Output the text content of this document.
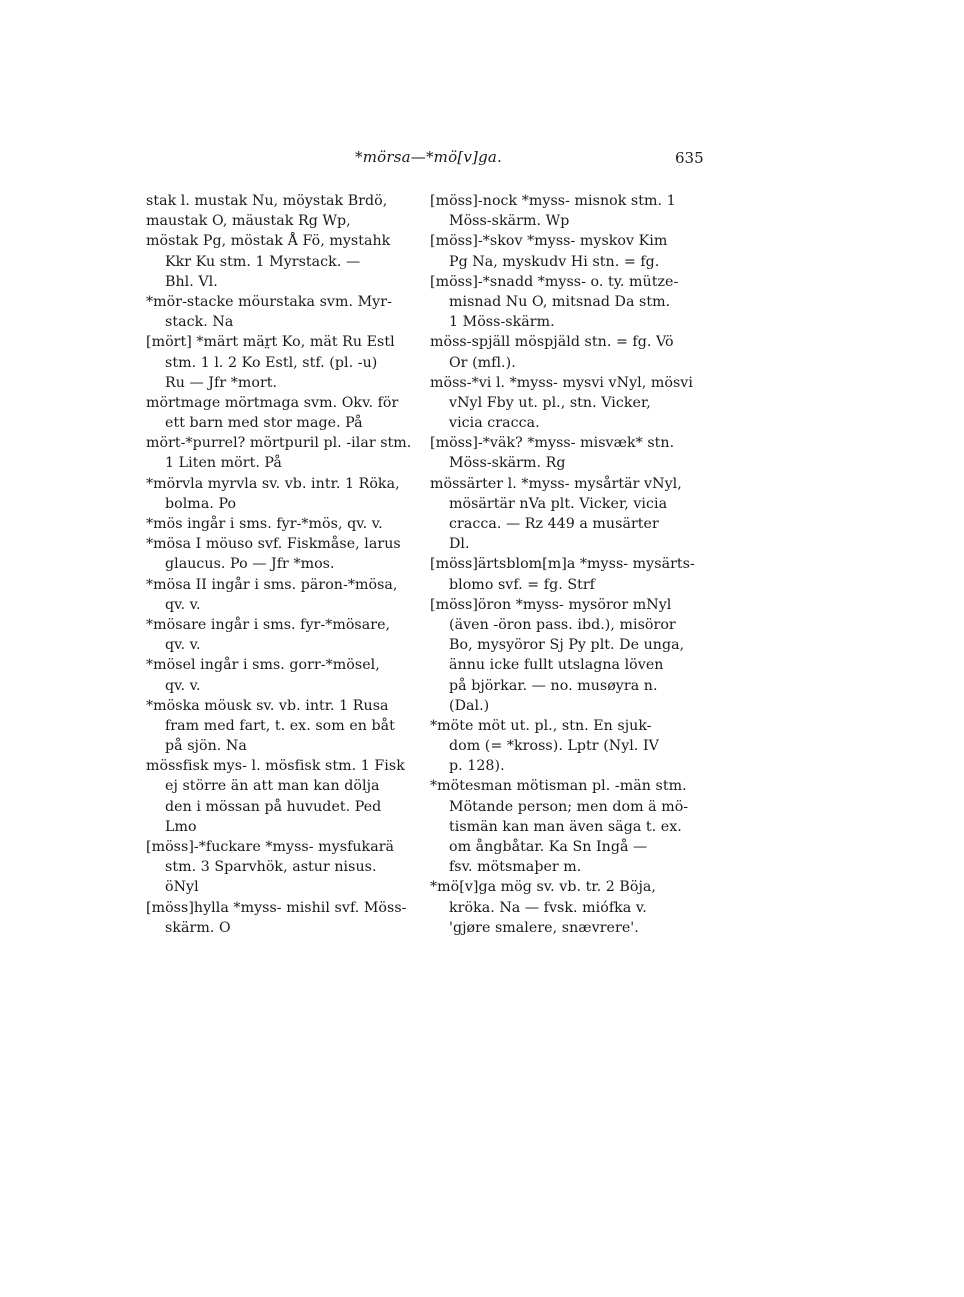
*mörsa—*mö[v]ga.	635
stak l. mustak Nu, möystak Brdö,
maustak O, mäustak Rg Wp,
möstak Pg, möstak Å Fö, mystahk
Kkr Ku stm. 1 Myrstack. —
Bhl. Vl.
*mör-stacke möurstaka svm. Myr-
stack. Na
[mört] *märt mär̤t Ko, mät Ru Estl
stm. 1 l. 2 Ko Estl, stf. (pl. -u)
Ru — Jfr *mort.
mörtmage mörtmaga svm. Okv. för
ett barn med stor mage. På
mört-*purrel? mörtpuril pl. -ilar stm.
1 Liten mört. På
*mörvla myrvla sv. vb. intr. 1 Röka,
bolma. Po
*mös ingår i sms. fyr-*mös, qv. v.
*mösa I möuso svf. Fiskmåse, larus
glaucus. Po — Jfr *mos.
*mösa II ingår i sms. päron-*mösa,
qv. v.
*mösare ingår i sms. fyr-*mösare,
qv. v.
*mösel ingår i sms. gorr-*mösel,
qv. v.
*möska möusk sv. vb. intr. 1 Rusa
fram med fart, t. ex. som en båt
på sjön. Na
mössfisk mys- l. mösfisk stm. 1 Fisk
ej större än att man kan dölja
den i mössan på huvudet. Ped
Lmo
[möss]-*fuckare *myss- mysfukarä
stm. 3 Sparvhök, astur nisus.
öNyl
[möss]hylla *myss- mishil svf. Möss-
skärm. O
[möss]-nock *myss- misnok stm. 1
Möss-skärm. Wp
[möss]-*skov *myss- myskov Kim
Pg Na, myskudv Hi stn. = fg.
[möss]-*snadd *myss- o. ty. mütze-
misnad Nu O, mitsnad Da stm.
1 Möss-skärm.
möss-spjäll möspjäld stn. = fg. Vö
Or (mfl.).
möss-*vi l. *myss- mysvi vNyl, mösvi
vNyl Fby ut. pl., stn. Vicker,
vicia cracca.
[möss]-*väk? *myss- misvæk* stn.
Möss-skärm. Rg
mössärter l. *myss- mysårtär vNyl,
mösärtär nVa plt. Vicker, vicia
cracca. — Rz 449 a musärter
Dl.
[möss]ärtsblom[m]a *myss- mysärts-
blomo svf. = fg. Strf
[möss]öron *myss- mysöror mNyl
(även -öron pass. ibd.), misöror
Bo, mysyöror Sj Py plt. De unga,
ännu icke fullt utslagna löven
på björkar. — no. musøyra n.
(Dal.)
*möte möt ut. pl., stn. En sjuk-
dom (= *kross). Lptr (Nyl. IV
p. 128).
*mötesman mötisman pl. -män stm.
Mötande person; men dom ä mö-
tismän kan man även säga t. ex.
om ångbåtar. Ka Sn Ingå —
fsv. mötsmaþer m.
*mö[v]ga möɡ sv. vb. tr. 2 Böja,
kröka. Na — fvsk. miófka v.
'gjøre smalere, snævrere'.
